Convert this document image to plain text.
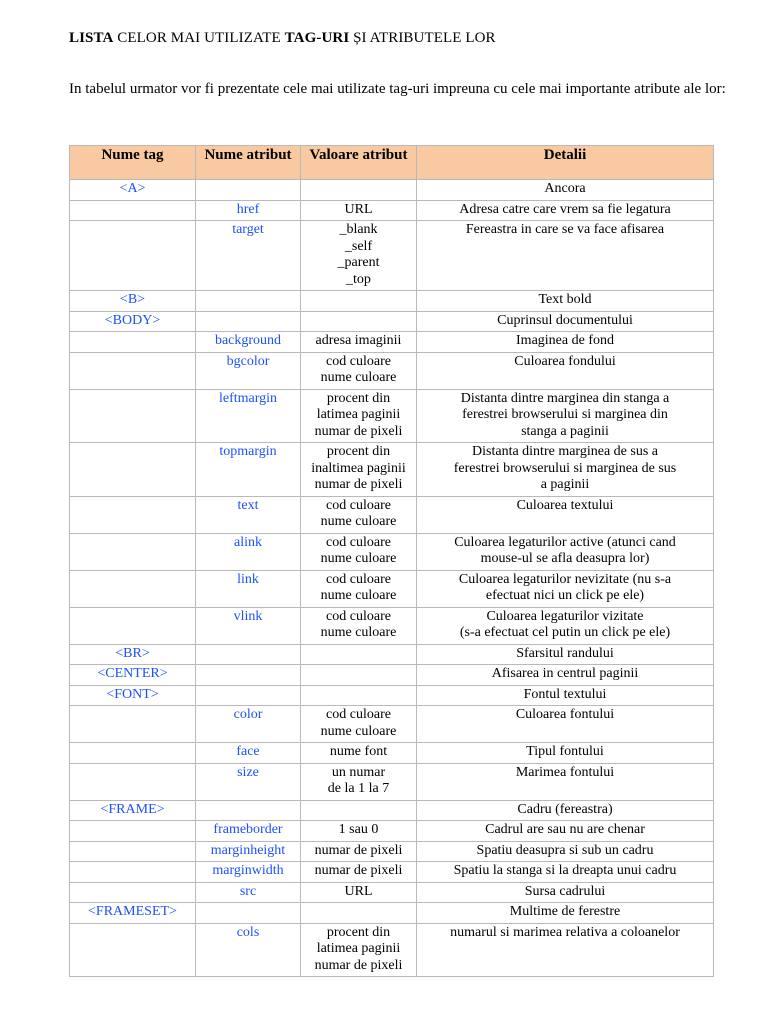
LISTA CELOR MAI UTILIZATE TAG-URI ȘI ATRIBUTELE LOR
In tabelul urmator vor fi prezentate cele mai utilizate tag-uri impreuna cu cele mai importante atribute ale lor:
Nume tag	Nume atribut	Valoare atribut	Detalii
<A>			Ancora

	href	URL	Adresa catre care vrem sa fie legatura

	target	_blank
_self
_parent
_top	Fereastra in care se va face afisarea

<B>			Text bold

<BODY>			Cuprinsul documentului

	background	adresa imaginii	Imaginea de fond

	bgcolor	cod culoare
nume culoare	Culoarea fondului

	leftmargin	procent din
latimea paginii
numar de pixeli	Distanta dintre marginea din stanga a
ferestrei browserului si marginea din
stanga a paginii

	topmargin	procent din
inaltimea paginii
numar de pixeli	Distanta dintre marginea de sus a
ferestrei browserului si marginea de sus
a paginii

	text	cod culoare
nume culoare	Culoarea textului

	alink	cod culoare
nume culoare	Culoarea legaturilor active (atunci cand
mouse-ul se afla deasupra lor)

	link	cod culoare
nume culoare	Culoarea legaturilor nevizitate (nu s-a
efectuat nici un click pe ele)

	vlink	cod culoare
nume culoare	Culoarea legaturilor vizitate
(s-a efectuat cel putin un click pe ele)

<BR>			Sfarsitul randului

<CENTER>			Afisarea in centrul paginii

<FONT>			Fontul textului

	color	cod culoare
nume culoare	Culoarea fontului

	face	nume font	Tipul fontului

	size	un numar
de la 1 la 7	Marimea fontului

<FRAME>			Cadru (fereastra)

	frameborder	1 sau 0	Cadrul are sau nu are chenar

	marginheight	numar de pixeli	Spatiu deasupra si sub un cadru

	marginwidth	numar de pixeli	Spatiu la stanga si la dreapta unui cadru

	src	URL	Sursa cadrului

<FRAMESET>			Multime de ferestre

	cols	procent din
latimea paginii
numar de pixeli	numarul si marimea relativa a coloanelor
